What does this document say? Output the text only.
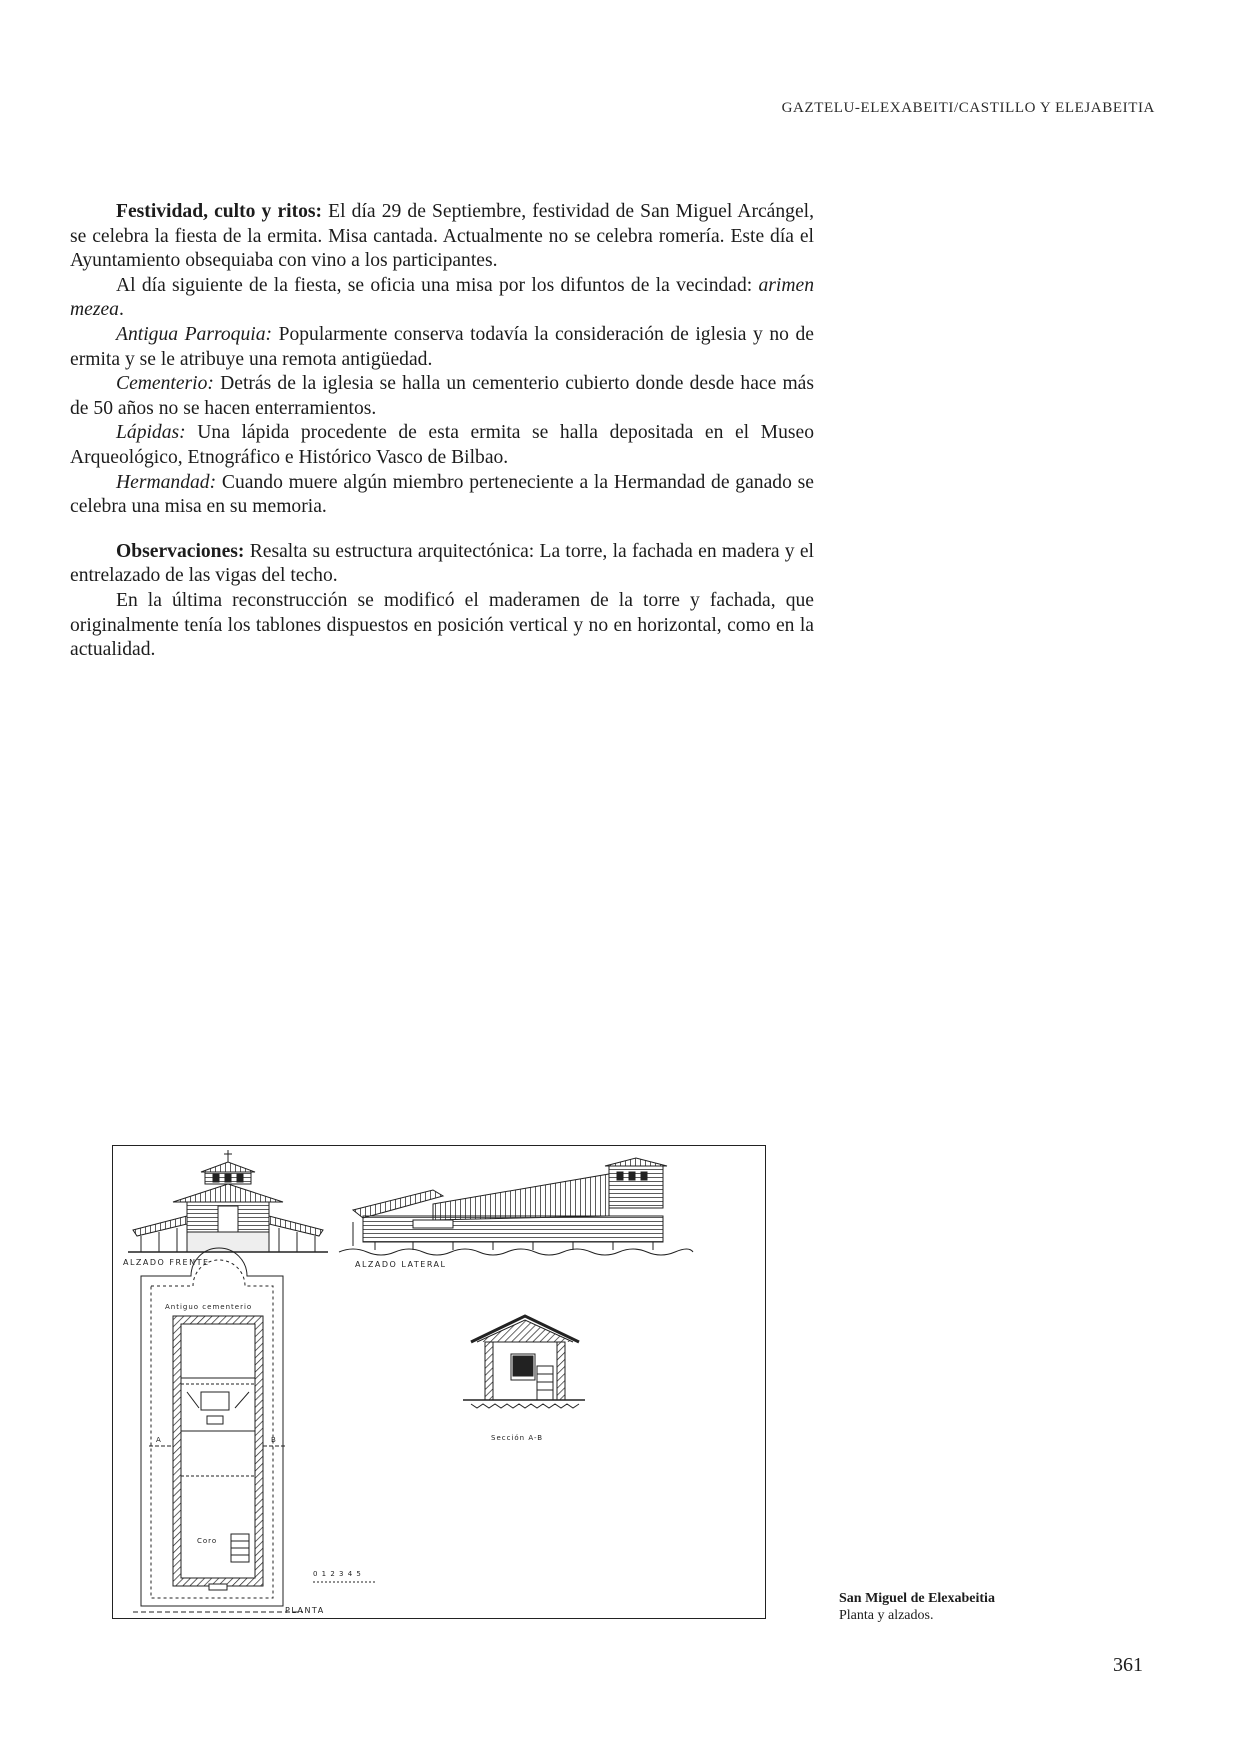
GAZTELU-ELEXABEITI/CASTILLO Y ELEJABEITIA

Festividad, culto y ritos: El día 29 de Septiembre, festividad de San Miguel Arcángel, se celebra la fiesta de la ermita. Misa cantada. Actualmente no se celebra romería. Este día el Ayuntamiento obsequiaba con vino a los participantes.

Al día siguiente de la fiesta, se oficia una misa por los difuntos de la vecindad: arimen mezea.

Antigua Parroquia: Popularmente conserva todavía la consideración de iglesia y no de ermita y se le atribuye una remota antigüedad.

Cementerio: Detrás de la iglesia se halla un cementerio cubierto donde desde hace más de 50 años no se hacen enterramientos.

Lápidas: Una lápida procedente de esta ermita se halla depositada en el Museo Arqueológico, Etnográfico e Histórico Vasco de Bilbao.

Hermandad: Cuando muere algún miembro perteneciente a la Hermandad de ganado se celebra una misa en su memoria.

Observaciones: Resalta su estructura arquitectónica: La torre, la fachada en madera y el entrelazado de las vigas del techo.

En la última reconstrucción se modificó el maderamen de la torre y fachada, que originalmente tenía los tablones dispuestos en posición vertical y no en horizontal, como en la actualidad.

ALZADO FRENTE	ALZADO LATERAL
Antiguo cementerio
A	B
Coro
0 1 2 3 4 5
PLANTA
Sección A-B
San Miguel de Elexabeitia
Planta y alzados.
361
